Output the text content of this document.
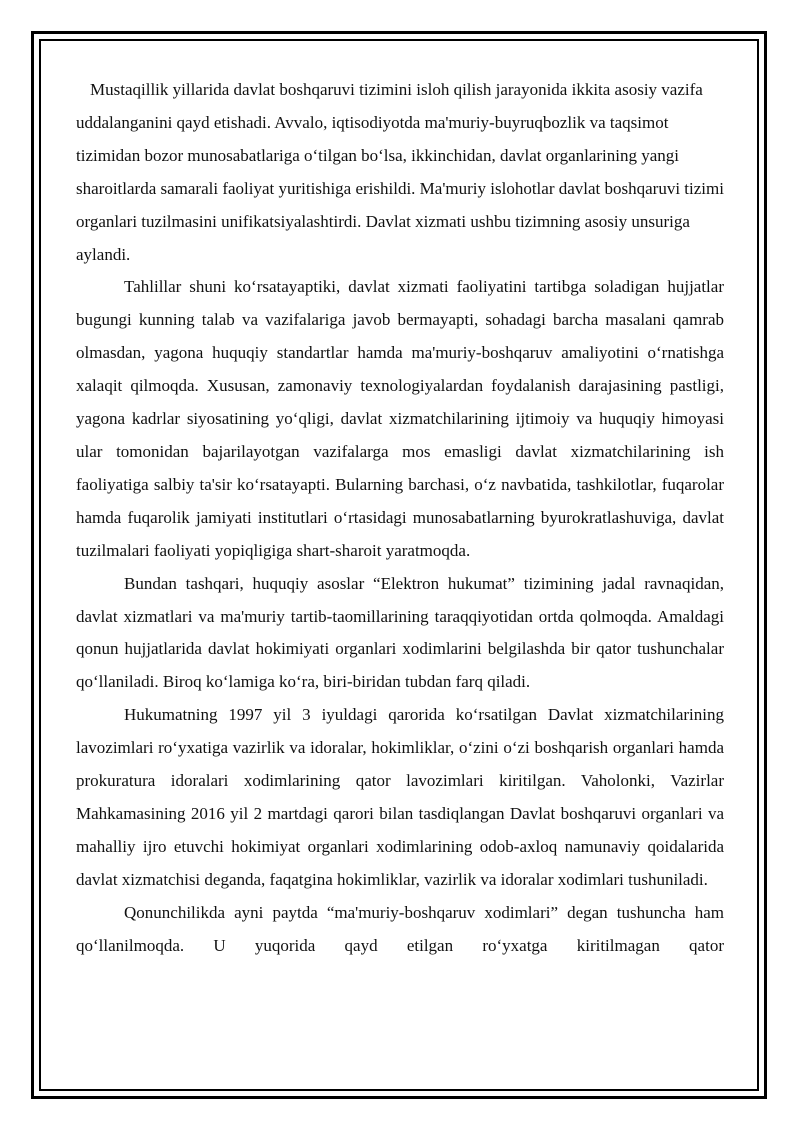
Mustaqillik yillarida davlat boshqaruvi tizimini isloh qilish jarayonida ikkita asosiy vazifa uddalanganini qayd etishadi. Avvalo, iqtisodiyotda ma'muriy-buyruqbozlik va taqsimot tizimidan bozor munosabatlariga o‘tilgan bo‘lsa, ikkinchidan, davlat organlarining yangi sharoitlarda samarali faoliyat yuritishiga erishildi. Ma'muriy islohotlar davlat boshqaruvi tizimi organlari tuzilmasini unifikatsiyalashtirdi. Davlat xizmati ushbu tizimning asosiy unsuriga aylandi.

Tahlillar shuni ko‘rsatayaptiki, davlat xizmati faoliyatini tartibga soladigan hujjatlar bugungi kunning talab va vazifalariga javob bermayapti, sohadagi barcha masalani qamrab olmasdan, yagona huquqiy standartlar hamda ma'muriy-boshqaruv amaliyotini o‘rnatishga xalaqit qilmoqda. Xususan, zamonaviy texnologiyalardan foydalanish darajasining pastligi, yagona kadrlar siyosatining yo‘qligi, davlat xizmatchilarining ijtimoiy va huquqiy himoyasi ular tomonidan bajarilayotgan vazifalarga mos emasligi davlat xizmatchilarining ish faoliyatiga salbiy ta'sir ko‘rsatayapti. Bularning barchasi, o‘z navbatida, tashkilotlar, fuqarolar hamda fuqarolik jamiyati institutlari o‘rtasidagi munosabatlarning byurokratlashuviga, davlat tuzilmalari faoliyati yopiqligiga shart-sharoit yaratmoqda.

Bundan tashqari, huquqiy asoslar “Elektron hukumat” tizimining jadal ravnaqidan, davlat xizmatlari va ma'muriy tartib-taomillarining taraqqiyotidan ortda qolmoqda. Amaldagi qonun hujjatlarida davlat hokimiyati organlari xodimlarini belgilashda bir qator tushunchalar qo‘llaniladi. Biroq ko‘lamiga ko‘ra, biri-biridan tubdan farq qiladi.

Hukumatning 1997 yil 3 iyuldagi qarorida ko‘rsatilgan Davlat xizmatchilarining lavozimlari ro‘yxatiga vazirlik va idoralar, hokimliklar, o‘zini o‘zi boshqarish organlari hamda prokuratura idoralari xodimlarining qator lavozimlari kiritilgan. Vaholonki, Vazirlar Mahkamasining 2016 yil 2 martdagi qarori bilan tasdiqlangan Davlat boshqaruvi organlari va mahalliy ijro etuvchi hokimiyat organlari xodimlarining odob-axloq namunaviy qoidalarida davlat xizmatchisi deganda, faqatgina hokimliklar, vazirlik va idoralar xodimlari tushuniladi.

Qonunchilikda ayni paytda “ma'muriy-boshqaruv xodimlari” degan tushuncha ham qo‘llanilmoqda. U yuqorida qayd etilgan ro‘yxatga kiritilmagan qator
